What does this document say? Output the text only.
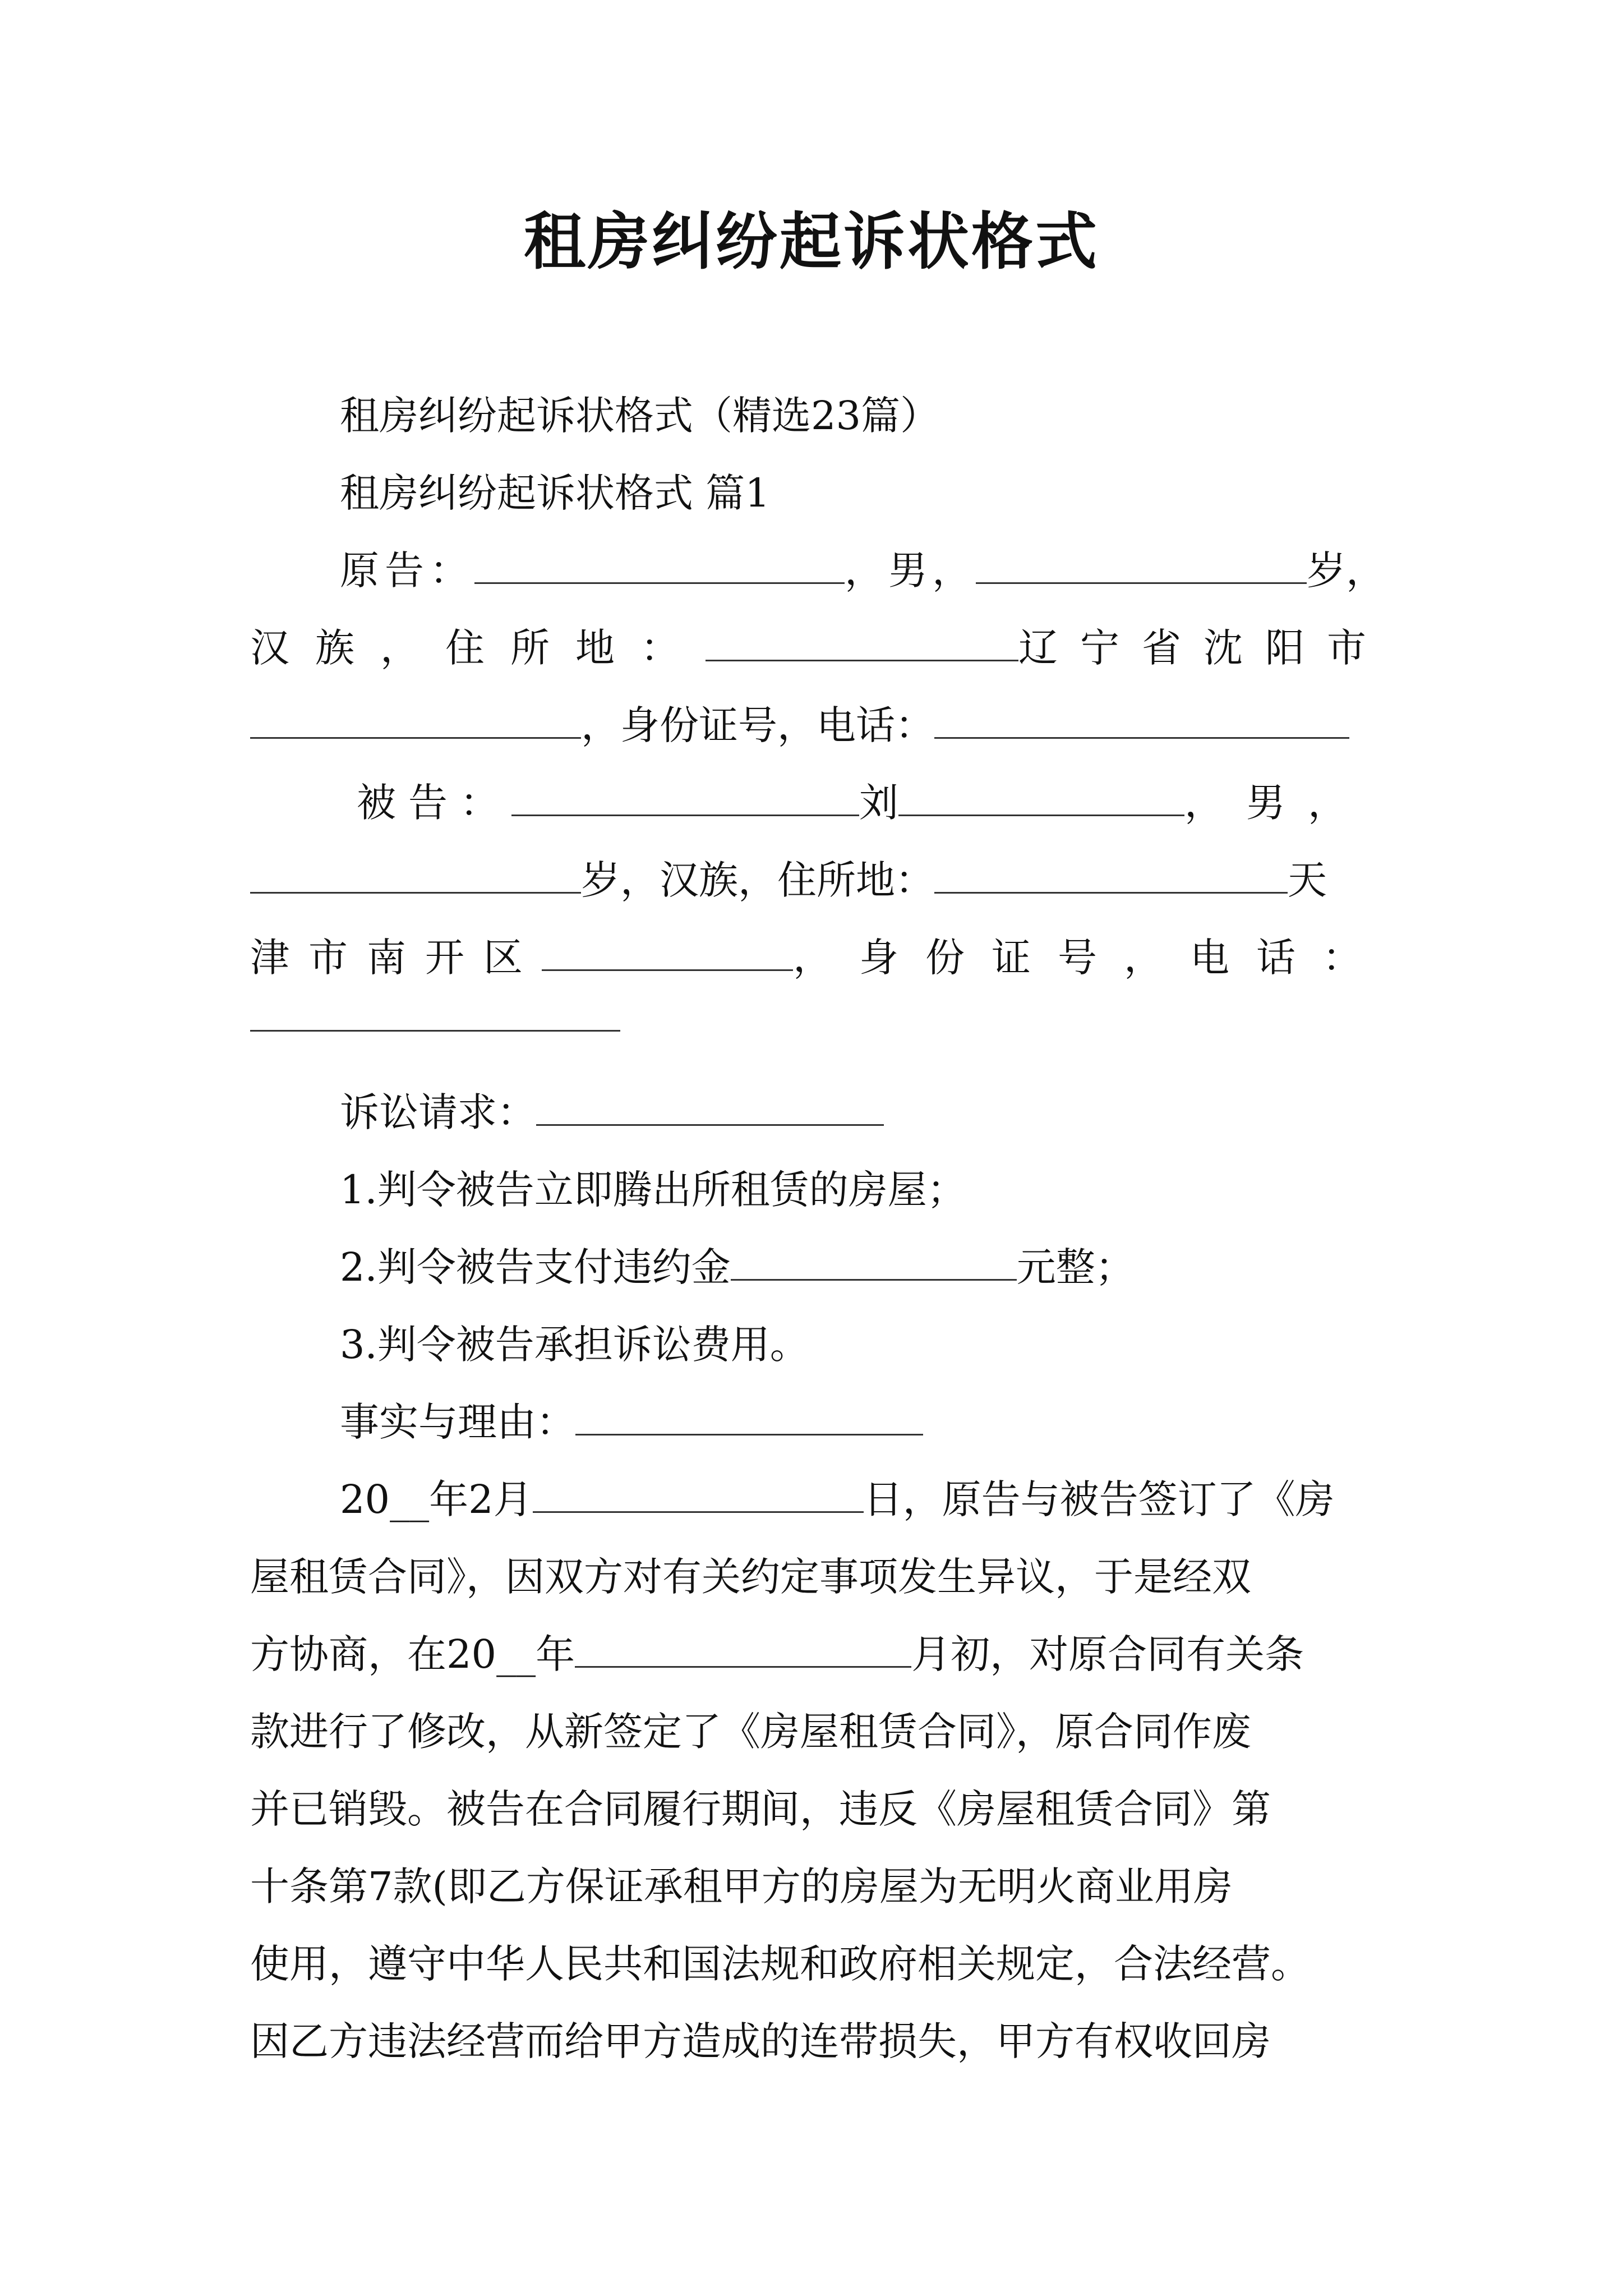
租房纠纷起诉状格式
租房纠纷起诉状格式（精选23篇）
租房纠纷起诉状格式 篇1
原告：	，男，	岁，
汉族，住所地：	辽宁省沈阳市
，身份证号，电话：
被告：	刘	，男，
岁，汉族，住所地：	天
津市南开区	，身份证号，电话：
诉讼请求：
1.判令被告立即腾出所租赁的房屋；
2.判令被告支付违约金	元整；
3.判令被告承担诉讼费用。
事实与理由：
20__年2月	日，原告与被告签订了《房
屋租赁合同》，因双方对有关约定事项发生异议，于是经双
方协商，在20__年	月初，对原合同有关条
款进行了修改，从新签定了《房屋租赁合同》，原合同作废
并已销毁。被告在合同履行期间，违反《房屋租赁合同》第
十条第7款(即乙方保证承租甲方的房屋为无明火商业用房
使用，遵守中华人民共和国法规和政府相关规定，合法经营。
因乙方违法经营而给甲方造成的连带损失，甲方有权收回房
